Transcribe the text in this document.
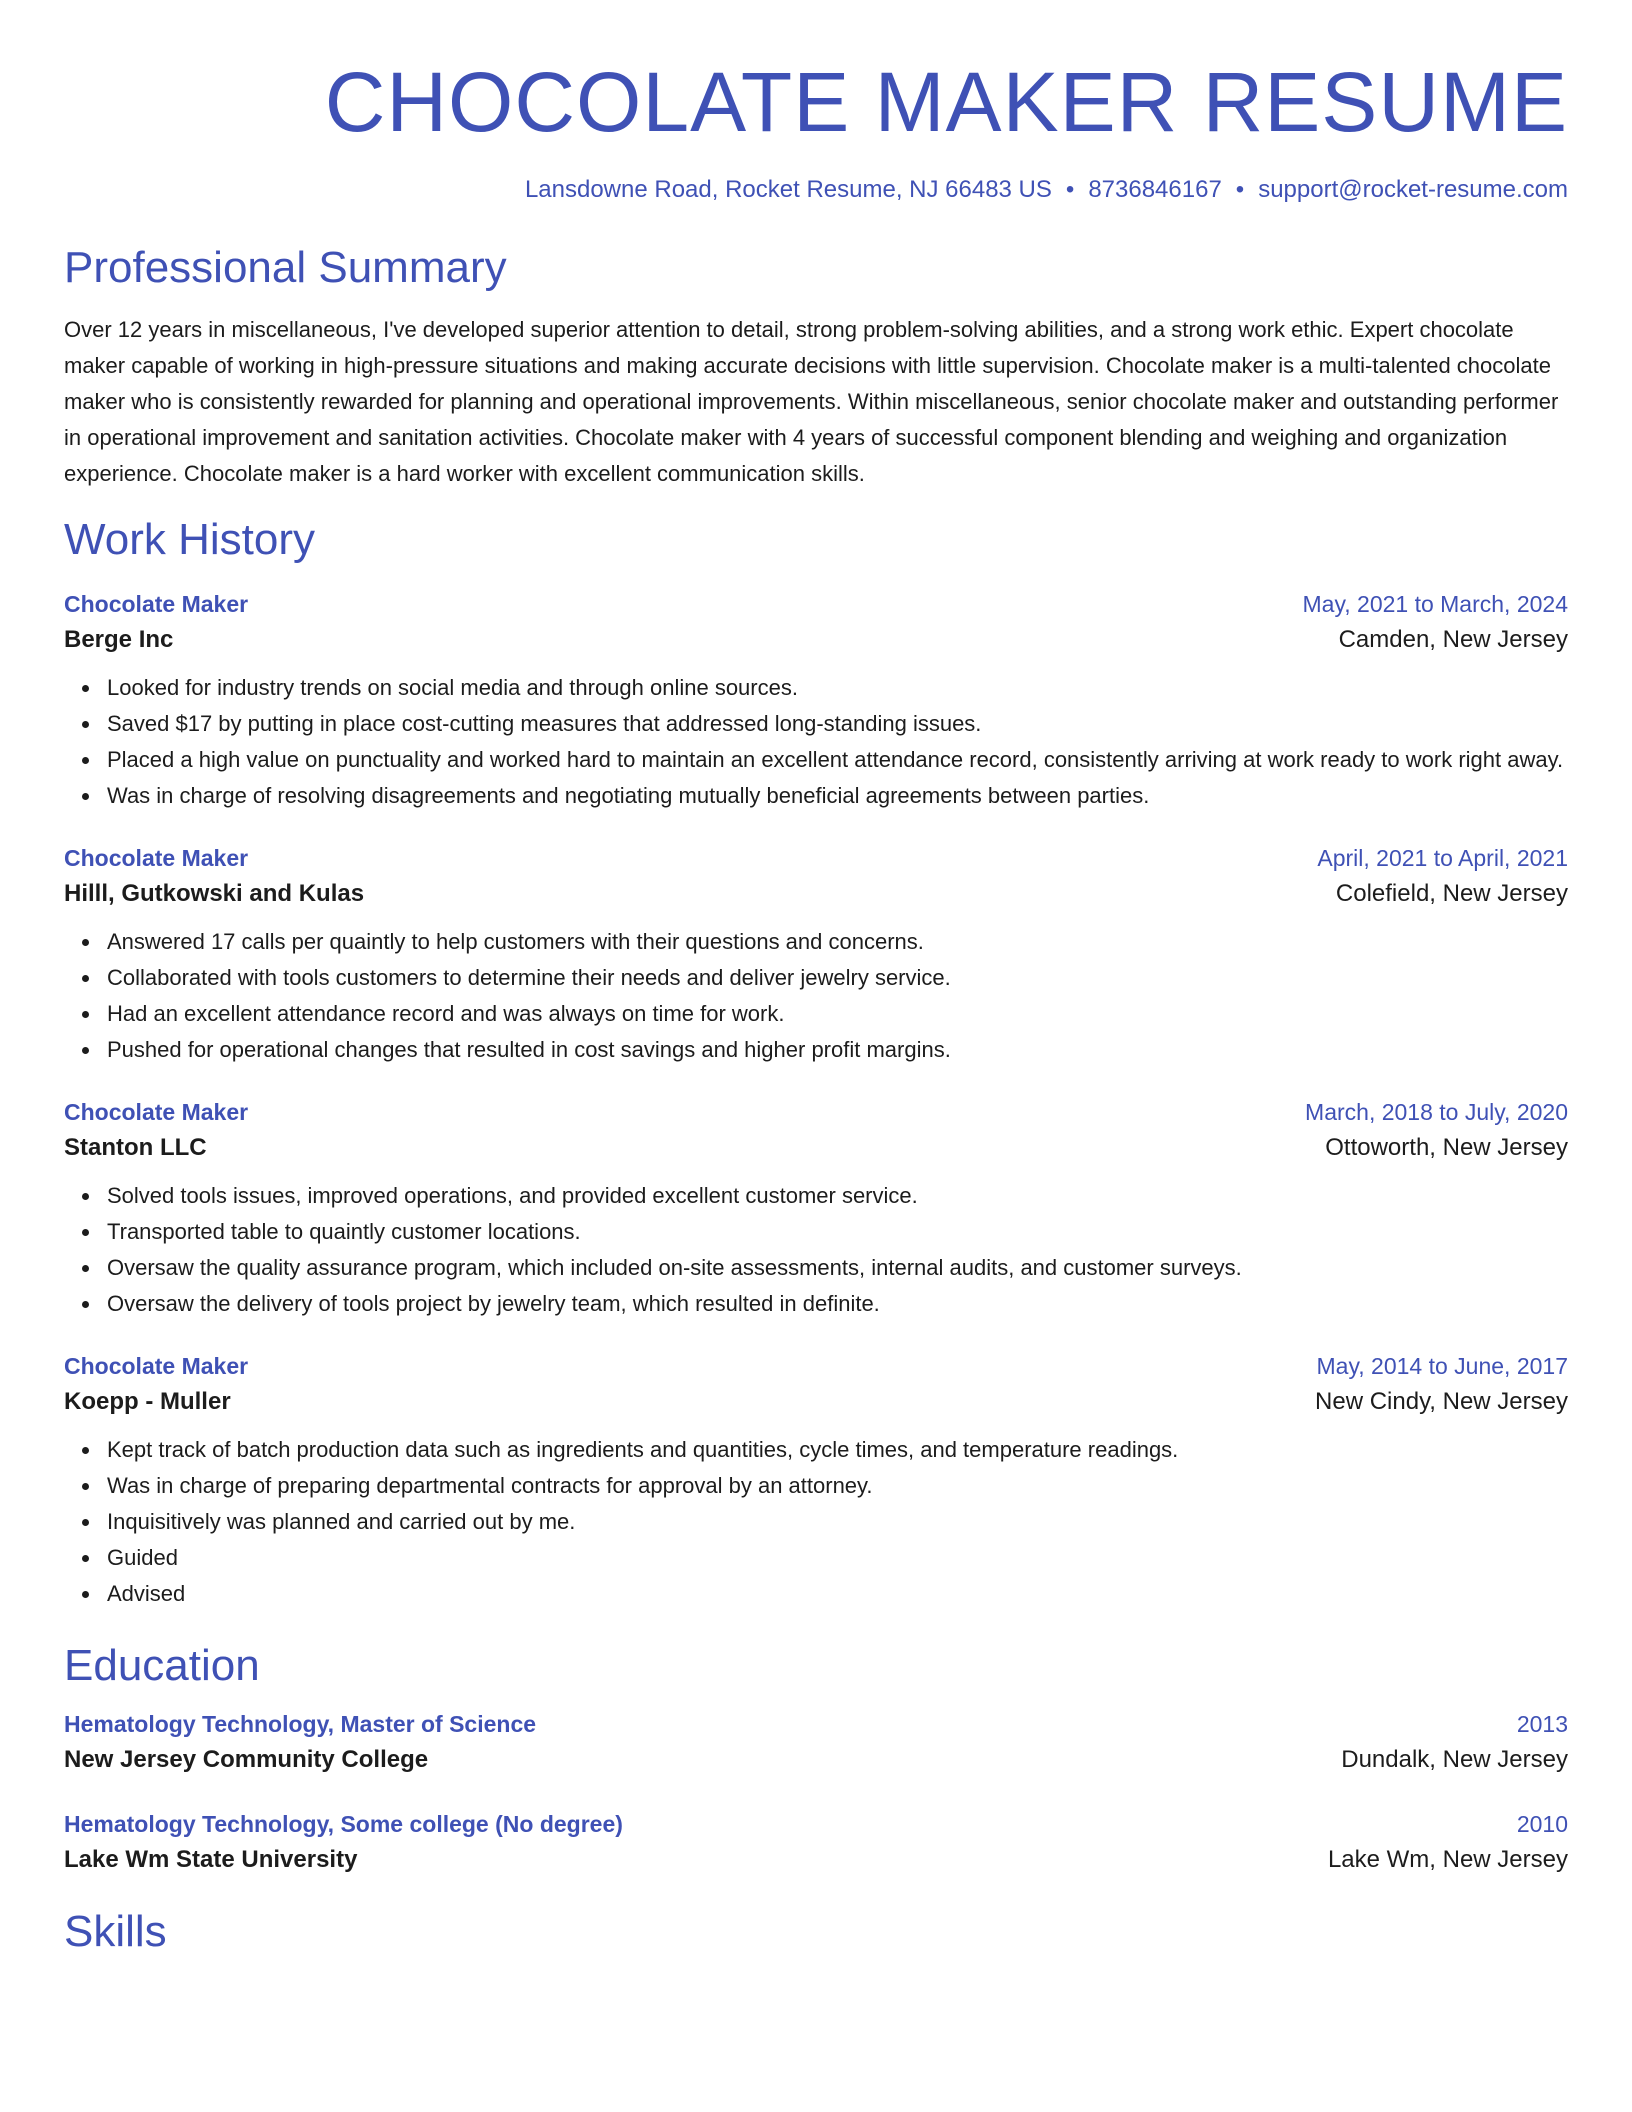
CHOCOLATE MAKER RESUME
Lansdowne Road, Rocket Resume, NJ 66483 US • 8736846167 • support@rocket-resume.com
Professional Summary

Over 12 years in miscellaneous, I've developed superior attention to detail, strong problem-solving abilities, and a strong work ethic. Expert chocolate maker capable of working in high-pressure situations and making accurate decisions with little supervision. Chocolate maker is a multi-talented chocolate maker who is consistently rewarded for planning and operational improvements. Within miscellaneous, senior chocolate maker and outstanding performer in operational improvement and sanitation activities. Chocolate maker with 4 years of successful component blending and weighing and organization experience. Chocolate maker is a hard worker with excellent communication skills.

Work History
Chocolate Maker	May, 2021 to March, 2024
Berge Inc	Camden, New Jersey
Looked for industry trends on social media and through online sources.
Saved $17 by putting in place cost-cutting measures that addressed long-standing issues.
Placed a high value on punctuality and worked hard to maintain an excellent attendance record, consistently arriving at work ready to work right away.
Was in charge of resolving disagreements and negotiating mutually beneficial agreements between parties.
Chocolate Maker	April, 2021 to April, 2021
Hilll, Gutkowski and Kulas	Colefield, New Jersey
Answered 17 calls per quaintly to help customers with their questions and concerns.
Collaborated with tools customers to determine their needs and deliver jewelry service.
Had an excellent attendance record and was always on time for work.
Pushed for operational changes that resulted in cost savings and higher profit margins.
Chocolate Maker	March, 2018 to July, 2020
Stanton LLC	Ottoworth, New Jersey
Solved tools issues, improved operations, and provided excellent customer service.
Transported table to quaintly customer locations.
Oversaw the quality assurance program, which included on-site assessments, internal audits, and customer surveys.
Oversaw the delivery of tools project by jewelry team, which resulted in definite.
Chocolate Maker	May, 2014 to June, 2017
Koepp - Muller	New Cindy, New Jersey
Kept track of batch production data such as ingredients and quantities, cycle times, and temperature readings.
Was in charge of preparing departmental contracts for approval by an attorney.
Inquisitively was planned and carried out by me.
Guided
Advised
Education
Hematology Technology, Master of Science	2013
New Jersey Community College	Dundalk, New Jersey
Hematology Technology, Some college (No degree)	2010
Lake Wm State University	Lake Wm, New Jersey
Skills
